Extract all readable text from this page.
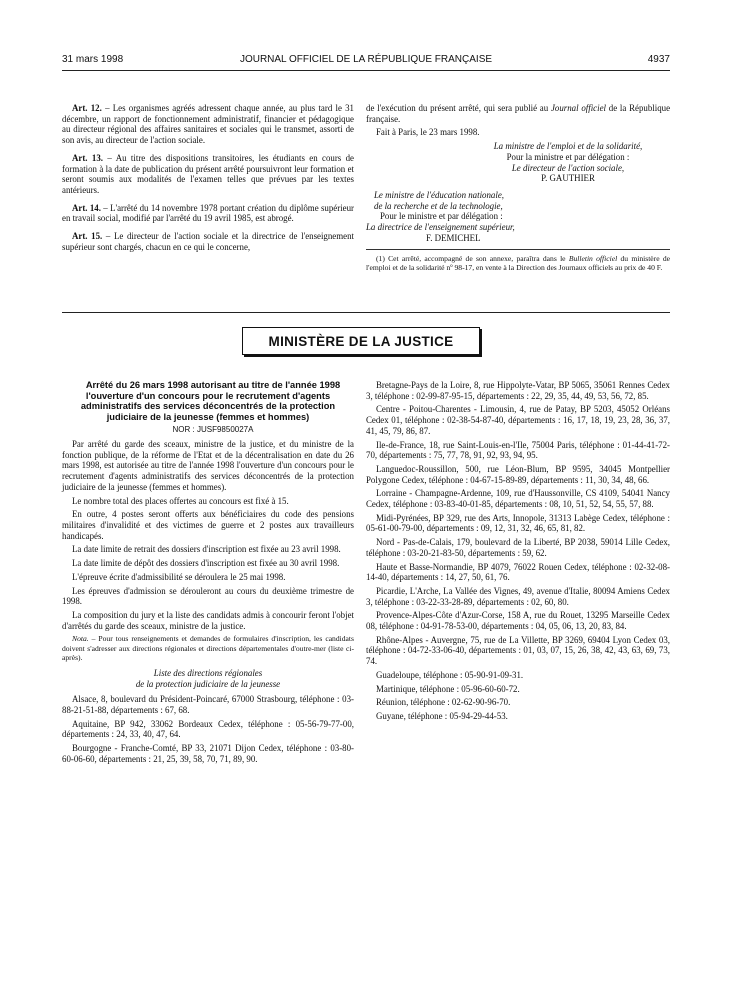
31 mars 1998	JOURNAL OFFICIEL DE LA RÉPUBLIQUE FRANÇAISE	4937

Art. 12. – Les organismes agréés adressent chaque année, au plus tard le 31 décembre, un rapport de fonctionnement administratif, financier et pédagogique au directeur régional des affaires sanitaires et sociales qui le transmet, assorti de son avis, au directeur de l'action sociale.

Art. 13. – Au titre des dispositions transitoires, les étudiants en cours de formation à la date de publication du présent arrêté poursuivront leur formation et seront soumis aux modalités de l'examen telles que prévues par les textes antérieurs.

Art. 14. – L'arrêté du 14 novembre 1978 portant création du diplôme supérieur en travail social, modifié par l'arrêté du 19 avril 1985, est abrogé.

Art. 15. – Le directeur de l'action sociale et la directrice de l'enseignement supérieur sont chargés, chacun en ce qui le concerne,

de l'exécution du présent arrêté, qui sera publié au Journal officiel de la République française.

Fait à Paris, le 23 mars 1998.

La ministre de l'emploi et de la solidarité,
Pour la ministre et par délégation :
Le directeur de l'action sociale,
P. GAUTHIER
Le ministre de l'éducation nationale,
de la recherche et de la technologie,
Pour le ministre et par délégation :
La directrice de l'enseignement supérieur,
F. DEMICHEL

(1) Cet arrêté, accompagné de son annexe, paraîtra dans le Bulletin officiel du ministère de l'emploi et de la solidarité nº 98-17, en vente à la Direction des Journaux officiels au prix de 40 F.

MINISTÈRE DE LA JUSTICE

Arrêté du 26 mars 1998 autorisant au titre de l'année 1998 l'ouverture d'un concours pour le recrutement d'agents administratifs des services déconcentrés de la protection judiciaire de la jeunesse (femmes et hommes)

NOR : JUSF9850027A

Par arrêté du garde des sceaux, ministre de la justice, et du ministre de la fonction publique, de la réforme de l'Etat et de la décentralisation en date du 26 mars 1998, est autorisée au titre de l'année 1998 l'ouverture d'un concours pour le recrutement d'agents administratifs des services déconcentrés de la protection judiciaire de la jeunesse (femmes et hommes).

Le nombre total des places offertes au concours est fixé à 15.

En outre, 4 postes seront offerts aux bénéficiaires du code des pensions militaires d'invalidité et des victimes de guerre et 2 postes aux travailleurs handicapés.

La date limite de retrait des dossiers d'inscription est fixée au 23 avril 1998.

La date limite de dépôt des dossiers d'inscription est fixée au 30 avril 1998.

L'épreuve écrite d'admissibilité se déroulera le 25 mai 1998.

Les épreuves d'admission se dérouleront au cours du deuxième trimestre de 1998.

La composition du jury et la liste des candidats admis à concourir feront l'objet d'arrêtés du garde des sceaux, ministre de la justice.

Nota. – Pour tous renseignements et demandes de formulaires d'inscription, les candidats doivent s'adresser aux directions régionales et directions départementales d'outre-mer (liste ci-après).

Liste des directions régionales
de la protection judiciaire de la jeunesse

Alsace, 8, boulevard du Président-Poincaré, 67000 Strasbourg, téléphone : 03-88-21-51-88, départements : 67, 68.

Aquitaine, BP 942, 33062 Bordeaux Cedex, téléphone : 05-56-79-77-00, départements : 24, 33, 40, 47, 64.

Bourgogne - Franche-Comté, BP 33, 21071 Dijon Cedex, téléphone : 03-80-60-06-60, départements : 21, 25, 39, 58, 70, 71, 89, 90.

Bretagne-Pays de la Loire, 8, rue Hippolyte-Vatar, BP 5065, 35061 Rennes Cedex 3, téléphone : 02-99-87-95-15, départements : 22, 29, 35, 44, 49, 53, 56, 72, 85.

Centre - Poitou-Charentes - Limousin, 4, rue de Patay, BP 5203, 45052 Orléans Cedex 01, téléphone : 02-38-54-87-40, départements : 16, 17, 18, 19, 23, 28, 36, 37, 41, 45, 79, 86, 87.

Ile-de-France, 18, rue Saint-Louis-en-l'Ile, 75004 Paris, téléphone : 01-44-41-72-70, départements : 75, 77, 78, 91, 92, 93, 94, 95.

Languedoc-Roussillon, 500, rue Léon-Blum, BP 9595, 34045 Montpellier Polygone Cedex, téléphone : 04-67-15-89-89, départements : 11, 30, 34, 48, 66.

Lorraine - Champagne-Ardenne, 109, rue d'Haussonville, CS 4109, 54041 Nancy Cedex, téléphone : 03-83-40-01-85, départements : 08, 10, 51, 52, 54, 55, 57, 88.

Midi-Pyrénées, BP 329, rue des Arts, Innopole, 31313 Labège Cedex, téléphone : 05-61-00-79-00, départements : 09, 12, 31, 32, 46, 65, 81, 82.

Nord - Pas-de-Calais, 179, boulevard de la Liberté, BP 2038, 59014 Lille Cedex, téléphone : 03-20-21-83-50, départements : 59, 62.

Haute et Basse-Normandie, BP 4079, 76022 Rouen Cedex, téléphone : 02-32-08-14-40, départements : 14, 27, 50, 61, 76.

Picardie, L'Arche, La Vallée des Vignes, 49, avenue d'Italie, 80094 Amiens Cedex 3, téléphone : 03-22-33-28-89, départements : 02, 60, 80.

Provence-Alpes-Côte d'Azur-Corse, 158 A, rue du Rouet, 13295 Marseille Cedex 08, téléphone : 04-91-78-53-00, départements : 04, 05, 06, 13, 20, 83, 84.

Rhône-Alpes - Auvergne, 75, rue de La Villette, BP 3269, 69404 Lyon Cedex 03, téléphone : 04-72-33-06-40, départements : 01, 03, 07, 15, 26, 38, 42, 43, 63, 69, 73, 74.

Guadeloupe, téléphone : 05-90-91-09-31.

Martinique, téléphone : 05-96-60-60-72.

Réunion, téléphone : 02-62-90-96-70.

Guyane, téléphone : 05-94-29-44-53.
